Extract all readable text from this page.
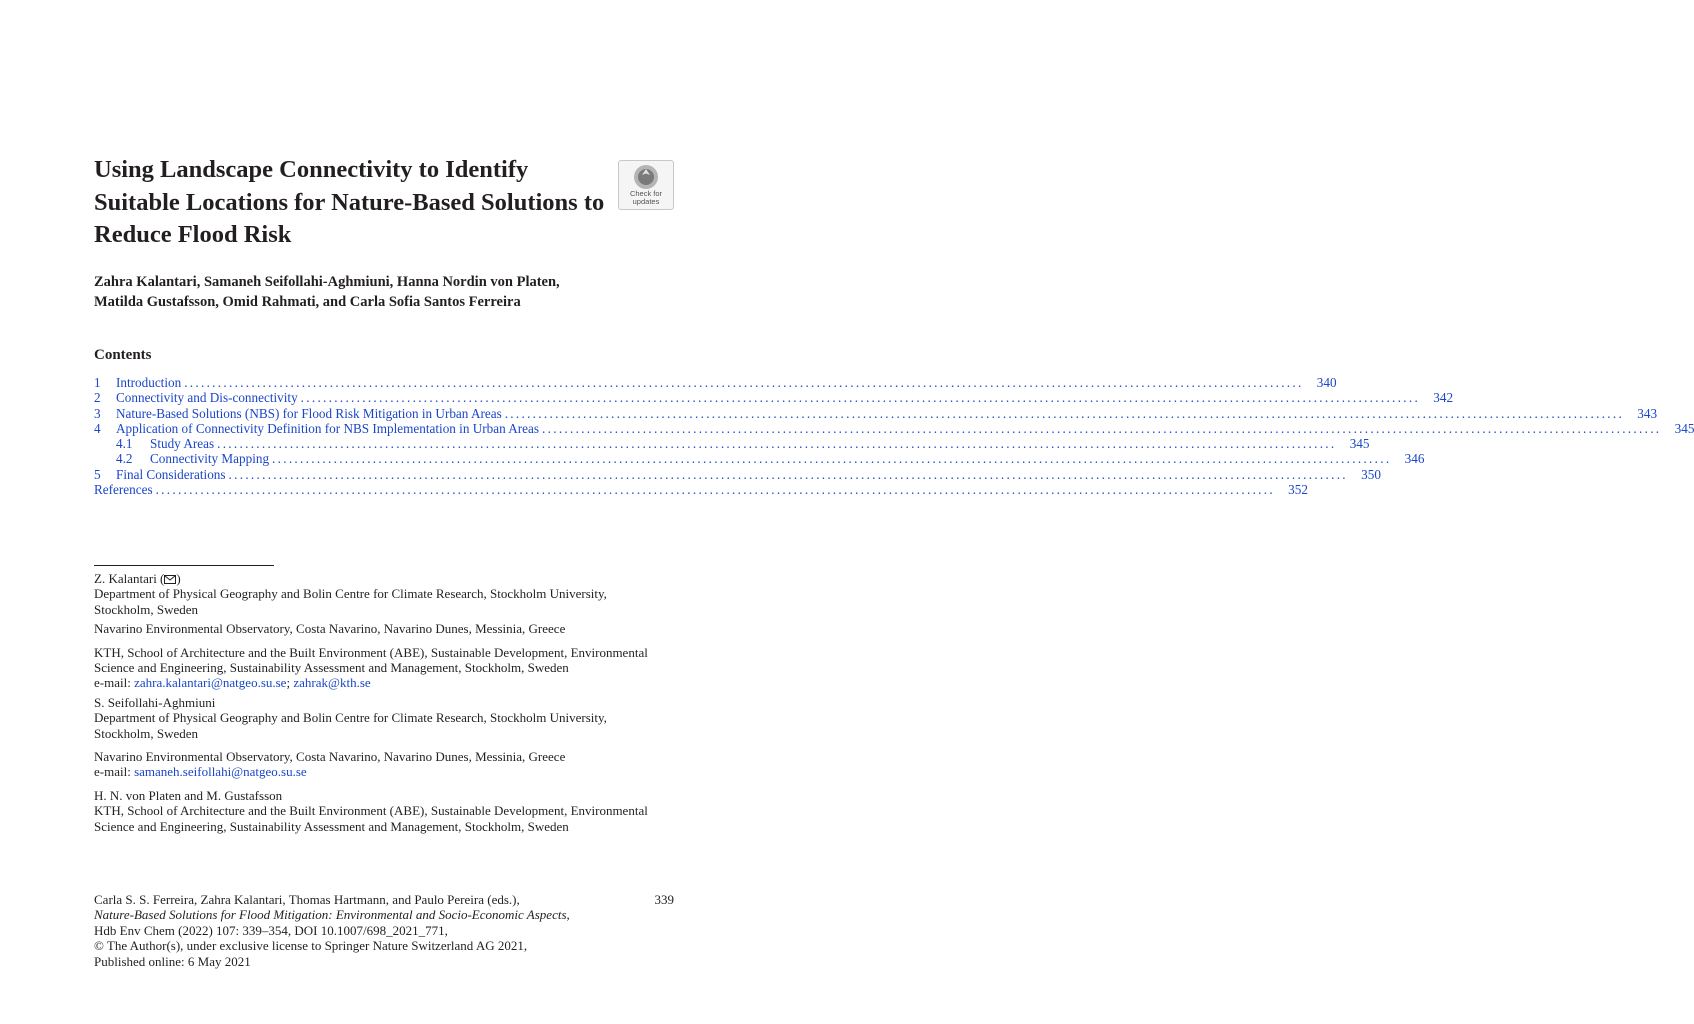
Using Landscape Connectivity to Identify Suitable Locations for Nature-Based Solutions to Reduce Flood Risk
Check for
updates
Zahra Kalantari, Samaneh Seifollahi-Aghmiuni, Hanna Nordin von Platen,
Matilda Gustafsson, Omid Rahmati, and Carla Sofia Santos Ferreira
Contents
1	Introduction ........................................................................................................................................................................................................	340
2	Connectivity and Dis-connectivity ........................................................................................................................................................................................................	342
3	Nature-Based Solutions (NBS) for Flood Risk Mitigation in Urban Areas ........................................................................................................................................................................................................	343
4	Application of Connectivity Definition for NBS Implementation in Urban Areas ........................................................................................................................................................................................................	345
4.1	Study Areas ........................................................................................................................................................................................................	345
4.2	Connectivity Mapping ........................................................................................................................................................................................................	346
5	Final Considerations ........................................................................................................................................................................................................	350
References ........................................................................................................................................................................................................	352

Z. Kalantari ( )
Department of Physical Geography and Bolin Centre for Climate Research, Stockholm University, Stockholm, Sweden

Navarino Environmental Observatory, Costa Navarino, Navarino Dunes, Messinia, Greece

KTH, School of Architecture and the Built Environment (ABE), Sustainable Development, Environmental Science and Engineering, Sustainability Assessment and Management, Stockholm, Sweden
e-mail: zahra.kalantari@natgeo.su.se; zahrak@kth.se

S. Seifollahi-Aghmiuni
Department of Physical Geography and Bolin Centre for Climate Research, Stockholm University, Stockholm, Sweden

Navarino Environmental Observatory, Costa Navarino, Navarino Dunes, Messinia, Greece
e-mail: samaneh.seifollahi@natgeo.su.se

H. N. von Platen and M. Gustafsson
KTH, School of Architecture and the Built Environment (ABE), Sustainable Development, Environmental Science and Engineering, Sustainability Assessment and Management, Stockholm, Sweden

Carla S. S. Ferreira, Zahra Kalantari, Thomas Hartmann, and Paulo Pereira (eds.),	339
Nature-Based Solutions for Flood Mitigation: Environmental and Socio-Economic Aspects,
Hdb Env Chem (2022) 107: 339–354, DOI 10.1007/698_2021_771,
© The Author(s), under exclusive license to Springer Nature Switzerland AG 2021,
Published online: 6 May 2021
